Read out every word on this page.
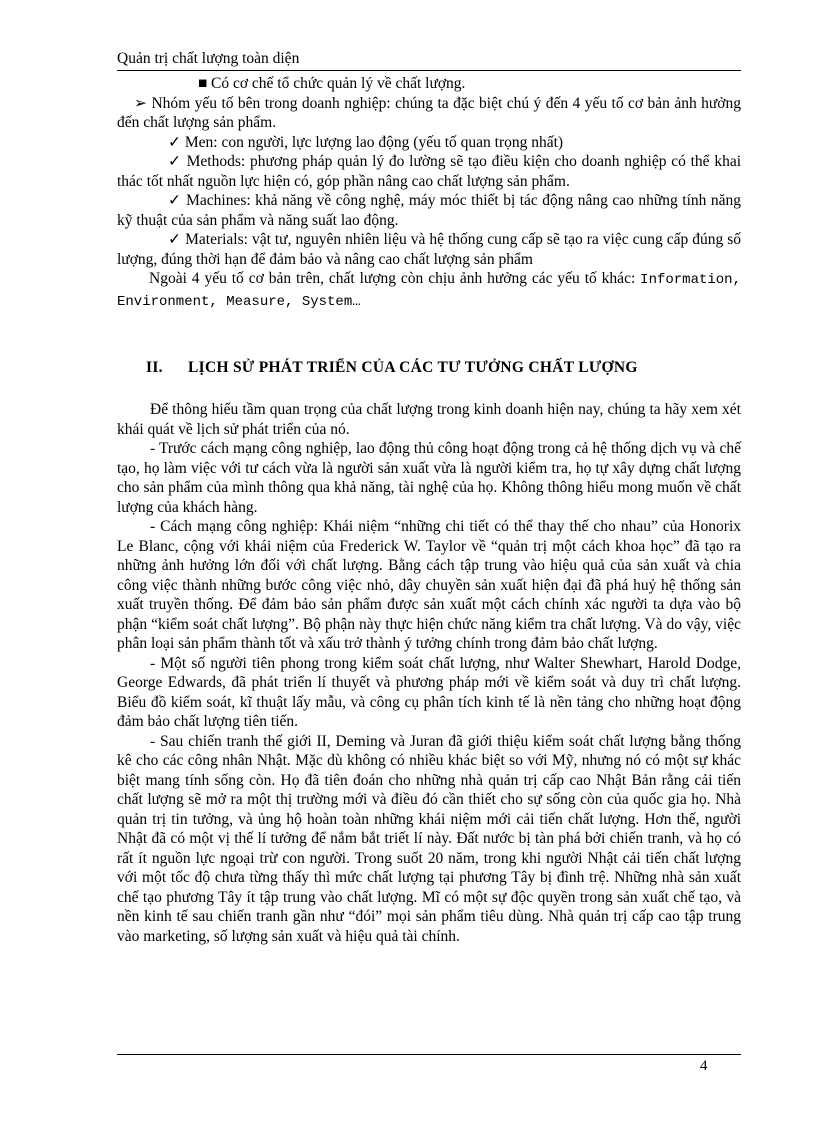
Quản trị chất lượng toàn diện

■ Có cơ chế tổ chức quản lý về chất lượng.

➢ Nhóm yếu tố bên trong doanh nghiệp: chúng ta đặc biệt chú ý đến 4 yếu tố cơ bản ảnh hưởng đến chất lượng sản phẩm.

✓ Men: con người, lực lượng lao động (yếu tố quan trọng nhất)

✓ Methods: phương pháp quản lý đo lường sẽ tạo điều kiện cho doanh nghiệp có thể khai thác tốt nhất nguồn lực hiện có, góp phần nâng cao chất lượng sản phẩm.

✓ Machines: khả năng về công nghệ, máy móc thiết bị tác động nâng cao những tính năng kỹ thuật của sản phẩm và năng suất lao động.

✓ Materials: vật tư, nguyên nhiên liệu và hệ thống cung cấp sẽ tạo ra việc cung cấp đúng số lượng, đúng thời hạn để đảm bảo và nâng cao chất lượng sản phẩm

Ngoài 4 yếu tố cơ bản trên, chất lượng còn chịu ảnh hưởng các yếu tố khác: Information, Environment, Measure, System…

II. LỊCH SỬ PHÁT TRIỂN CỦA CÁC TƯ TƯỞNG CHẤT LƯỢNG

Để thông hiểu tầm quan trọng của chất lượng trong kinh doanh hiện nay, chúng ta hãy xem xét khái quát về lịch sử phát triển của nó.

- Trước cách mạng công nghiệp, lao động thủ công hoạt động trong cả hệ thống dịch vụ và chế tạo, họ làm việc với tư cách vừa là người sản xuất vừa là người kiểm tra, họ tự xây dựng chất lượng cho sản phẩm của mình thông qua khả năng, tài nghệ của họ. Không thông hiểu mong muốn về chất lượng của khách hàng.

- Cách mạng công nghiệp: Khái niệm “những chi tiết có thể thay thế cho nhau” của Honorix Le Blanc, cộng với khái niệm của Frederick W. Taylor về “quản trị một cách khoa học” đã tạo ra những ảnh hưởng lớn đối với chất lượng. Bằng cách tập trung vào hiệu quả của sản xuất và chia công việc thành những bước công việc nhỏ, dây chuyền sản xuất hiện đại đã phá huỷ hệ thống sản xuất truyền thống. Để đảm bảo sản phẩm được sản xuất một cách chính xác người ta dựa vào bộ phận “kiểm soát chất lượng”. Bộ phận này thực hiện chức năng kiểm tra chất lượng. Và do vậy, việc phân loại sản phẩm thành tốt và xấu trở thành ý tưởng chính trong đảm bảo chất lượng.

- Một số người tiên phong trong kiểm soát chất lượng, như Walter Shewhart, Harold Dodge, George Edwards, đã phát triển lí thuyết và phương pháp mới về kiểm soát và duy trì chất lượng. Biểu đồ kiểm soát, kĩ thuật lấy mẫu, và công cụ phân tích kinh tế là nền tảng cho những hoạt động đảm bảo chất lượng tiên tiến.

- Sau chiến tranh thế giới II, Deming và Juran đã giới thiệu kiểm soát chất lượng bằng thống kê cho các công nhân Nhật. Mặc dù không có nhiều khác biệt so với Mỹ, nhưng nó có một sự khác biệt mang tính sống còn. Họ đã tiên đoán cho những nhà quản trị cấp cao Nhật Bản rằng cải tiến chất lượng sẽ mở ra một thị trường mới và điều đó cần thiết cho sự sống còn của quốc gia họ. Nhà quản trị tin tưởng, và ủng hộ hoàn toàn những khái niệm mới cải tiến chất lượng. Hơn thế, người Nhật đã có một vị thế lí tưởng để nắm bắt triết lí này. Đất nước bị tàn phá bởi chiến tranh, và họ có rất ít nguồn lực ngoại trừ con người. Trong suốt 20 năm, trong khi người Nhật cải tiến chất lượng với một tốc độ chưa từng thấy thì mức chất lượng tại phương Tây bị đình trệ. Những nhà sản xuất chế tạo phương Tây ít tập trung vào chất lượng. Mĩ có một sự độc quyền trong sản xuất chế tạo, và nền kinh tế sau chiến tranh gần như “đói” mọi sản phẩm tiêu dùng. Nhà quản trị cấp cao tập trung vào marketing, số lượng sản xuất và hiệu quả tài chính.

4
